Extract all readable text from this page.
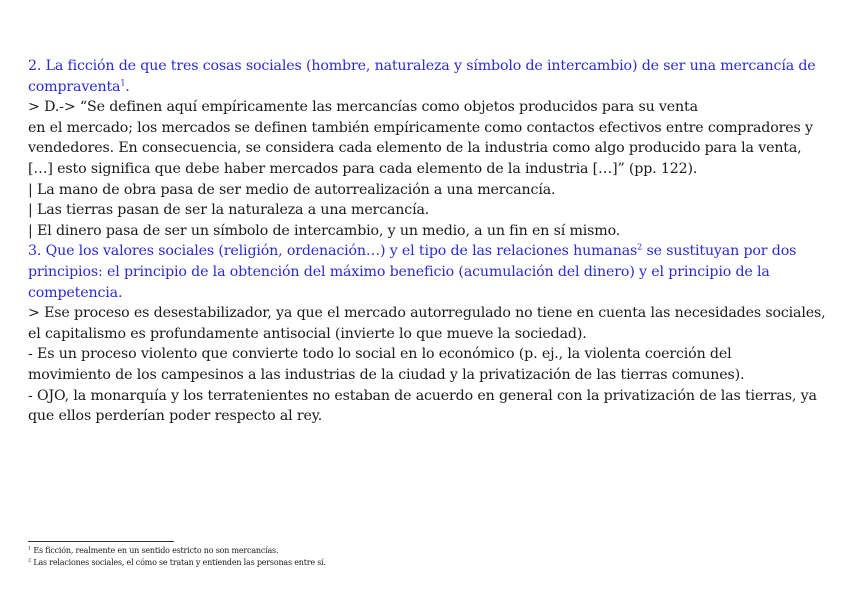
2. La ficción de que tres cosas sociales (hombre, naturaleza y símbolo de intercambio) de ser una mercancía de
compraventa$^1$.
> D.-> “Se definen aquí empíricamente las mercancías como objetos producidos para su venta
en el mercado; los mercados se definen también empíricamente como contactos efectivos entre compradores y
vendedores. En consecuencia, se considera cada elemento de la industria como algo producido para la venta,
[…] esto significa que debe haber mercados para cada elemento de la industria […]” (pp. 122).
| La mano de obra pasa de ser medio de autorrealización a una mercancía.
| Las tierras pasan de ser la naturaleza a una mercancía.
| El dinero pasa de ser un símbolo de intercambio, y un medio, a un fin en sí mismo.
3. Que los valores sociales (religión, ordenación…) y el tipo de las relaciones humanas$^2$ se sustituyan por dos
principios: el principio de la obtención del máximo beneficio (acumulación del dinero) y el principio de la
competencia.
> Ese proceso es desestabilizador, ya que el mercado autorregulado no tiene en cuenta las necesidades sociales,
el capitalismo es profundamente antisocial (invierte lo que mueve la sociedad).
- Es un proceso violento que convierte todo lo social en lo económico (p. ej., la violenta coerción del
movimiento de los campesinos a las industrias de la ciudad y la privatización de las tierras comunes).
- OJO, la monarquía y los terratenientes no estaban de acuerdo en general con la privatización de las tierras, ya
que ellos perderían poder respecto al rey.
$^1$ Es ficción, realmente en un sentido estricto no son mercancías.
$^2$ Las relaciones sociales, el cómo se tratan y entienden las personas entre sí.
